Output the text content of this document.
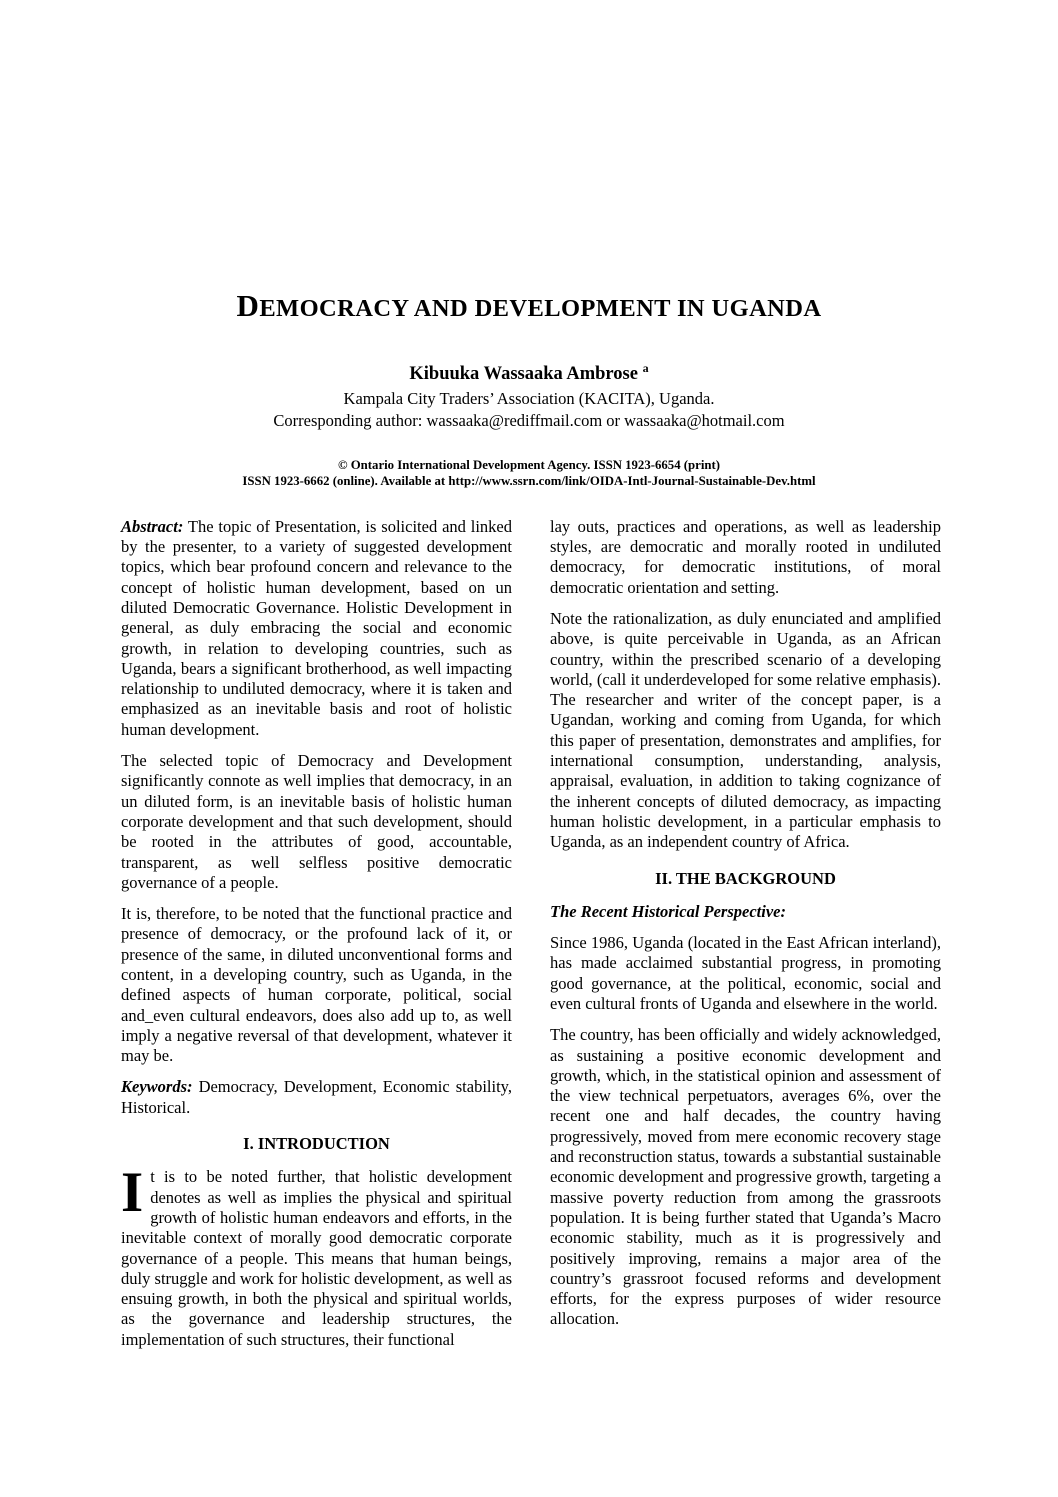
DEMOCRACY AND DEVELOPMENT IN UGANDA
Kibuuka Wassaaka Ambrose $^a$
Kampala City Traders’ Association (KACITA), Uganda.
Corresponding author: wassaaka@rediffmail.com or wassaaka@hotmail.com
© Ontario International Development Agency. ISSN 1923-6654 (print)
ISSN 1923-6662 (online). Available at http://www.ssrn.com/link/OIDA-Intl-Journal-Sustainable-Dev.html

Abstract: The topic of Presentation, is solicited and linked by the presenter, to a variety of suggested development topics, which bear profound concern and relevance to the concept of holistic human development, based on un diluted Democratic Governance. Holistic Development in general, as duly embracing the social and economic growth, in relation to developing countries, such as Uganda, bears a significant brotherhood, as well impacting relationship to undiluted democracy, where it is taken and emphasized as an inevitable basis and root of holistic human development.

The selected topic of Democracy and Development significantly connote as well implies that democracy, in an un diluted form, is an inevitable basis of holistic human corporate development and that such development, should be rooted in the attributes of good, accountable, transparent, as well selfless positive democratic governance of a people.

It is, therefore, to be noted that the functional practice and presence of democracy, or the profound lack of it, or presence of the same, in diluted unconventional forms and content, in a developing country, such as Uganda, in the defined aspects of human corporate, political, social and_even cultural endeavors, does also add up to, as well imply a negative reversal of that development, whatever it may be.

Keywords: Democracy, Development, Economic stability, Historical.

I. INTRODUCTION

It is to be noted further, that holistic development denotes as well as implies the physical and spiritual growth of holistic human endeavors and efforts, in the inevitable context of morally good democratic corporate governance of a people. This means that human beings, duly struggle and work for holistic development, as well as ensuing growth, in both the physical and spiritual worlds, as the governance and leadership structures, the implementation of such structures, their functional

lay outs, practices and operations, as well as leadership styles, are democratic and morally rooted in undiluted democracy, for democratic institutions, of moral democratic orientation and setting.

Note the rationalization, as duly enunciated and amplified above, is quite perceivable in Uganda, as an African country, within the prescribed scenario of a developing world, (call it underdeveloped for some relative emphasis). The researcher and writer of the concept paper, is a Ugandan, working and coming from Uganda, for which this paper of presentation, demonstrates and amplifies, for international consumption, understanding, analysis, appraisal, evaluation, in addition to taking cognizance of the inherent concepts of diluted democracy, as impacting human holistic development, in a particular emphasis to Uganda, as an independent country of Africa.

II. THE BACKGROUND
The Recent Historical Perspective:

Since 1986, Uganda (located in the East African interland), has made acclaimed substantial progress, in promoting good governance, at the political, economic, social and even cultural fronts of Uganda and elsewhere in the world.

The country, has been officially and widely acknowledged, as sustaining a positive economic development and growth, which, in the statistical opinion and assessment of the view technical perpetuators, averages 6%, over the recent one and half decades, the country having progressively, moved from mere economic recovery stage and reconstruction status, towards a substantial sustainable economic development and progressive growth, targeting a massive poverty reduction from among the grassroots population. It is being further stated that Uganda’s Macro economic stability, much as it is progressively and positively improving, remains a major area of the country’s grassroot focused reforms and development efforts, for the express purposes of wider resource allocation.
